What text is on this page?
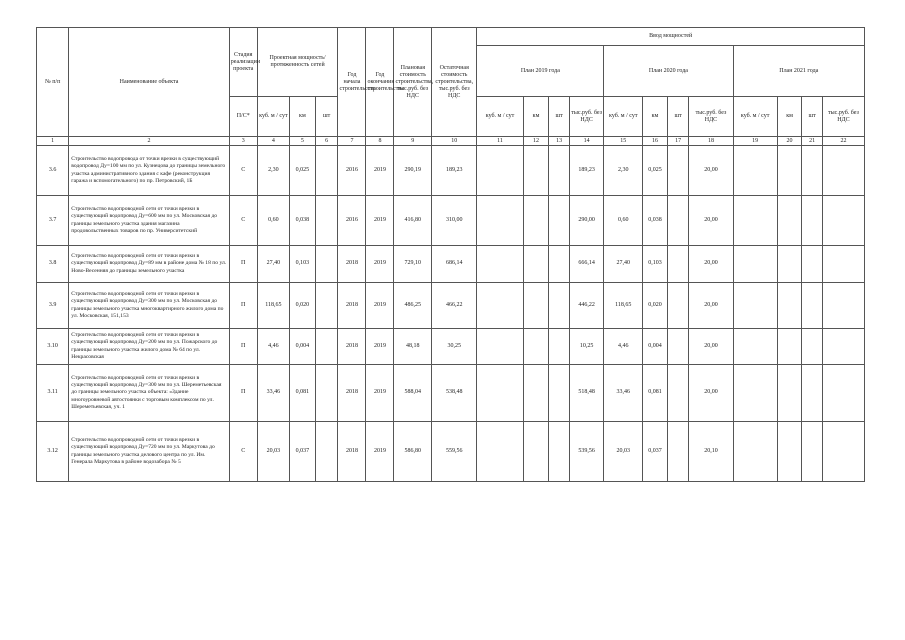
№ п/п	Наименование объекта	Стадия реализации проекта	Проектная мощность/ протяженность сетей			Год начала строительства	Год окончания строительства	Плановая стоимость строительства, тыс.руб. без НДС	Остаточная стоимость строительства, тыс.руб. без НДС	Ввод мощностей											
										План 2019 года				План 2020 года				План 2021 года			
		П/С*	куб. м / сут	км	шт					куб. м / сут	км	шт	тыс.руб. без НДС	куб. м / сут	км	шт	тыс.руб. без НДС	куб. м / сут	км	шт	тыс.руб. без НДС
1	2	3	4	5	6	7	8	9	10	11	12	13	14	15	16	17	18	19	20	21	22
3.6	Строительство водопровода от точки врезки в существующий водопровод Ду=100 мм по ул. Кузнецова до границы земельного участка административного здания с кафе (реконструкция гаража и вспомогательного) по пр. Петровский, 1Б	С	2,30	0,025		2016	2019	290,19	189,23				189,23	2,30	0,025		20,00				
3.7	Строительство водопроводной сети от точки врезки в существующий водопровод Ду=600 мм по ул. Московская до границы земельного участка здания магазина продовольственных товаров по пр. Университетский	С	0,60	0,038		2016	2019	416,80	310,00				290,00	0,60	0,038		20,00				
3.8	Строительство водопроводной сети от точки врезки в существующий водопровод Ду=89 мм в районе дома № 18 по ул. Ново-Весенняя до границы земельного участка	П	27,40	0,103		2018	2019	729,10	686,14				666,14	27,40	0,103		20,00				
3.9	Строительство водопроводной сети от точки врезки в существующий водопровод Ду=300 мм по ул. Московская до границы земельного участка многоквартирного жилого дома по ул. Московская, 151,153	П	118,65	0,020		2018	2019	486,25	466,22				446,22	118,65	0,020		20,00				
3.10	Строительство водопроводной сети от точки врезки в существующий водопровод Ду=200 мм по ул. Пожарского до границы земельного участка жилого дома № 64 по ул. Некрасовская	П	4,46	0,004		2018	2019	48,18	30,25				10,25	4,46	0,004		20,00				
3.11	Строительство водопроводной сети от точки врезки в существующий водопровод Ду=300 мм по ул. Шереметьевская до границы земельного участка объекта: «Здание многоуровневой автостоянки с торговым комплексом по ул. Шереметьевская, уч. 1	П	33,46	0,081		2018	2019	588,04	538,48				518,48	33,46	0,081		20,00				
3.12	Строительство водопроводной сети от точки врезки в существующий водопровод Ду=720 мм по ул. Маркутова до границы земельного участка делового центра по ул. Им. Генерала Маркутова в районе водозабора № 5	С	20,03	0,037		2018	2019	586,80	559,56				539,56	20,03	0,037		20,10				
